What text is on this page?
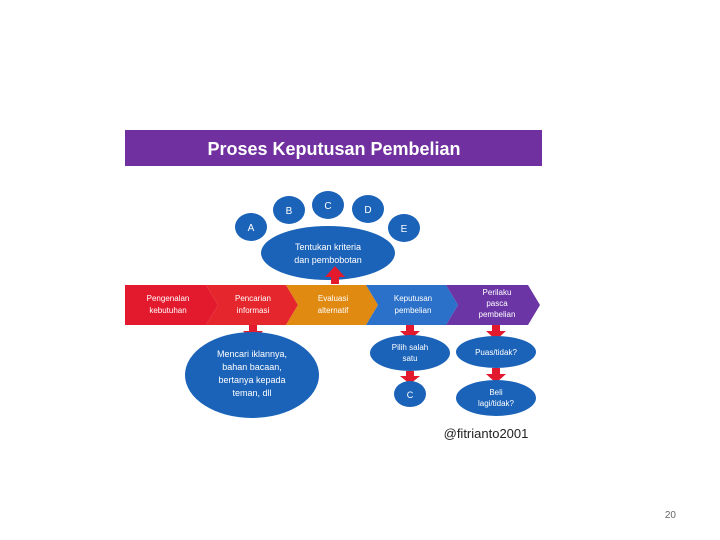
Proses Keputusan Pembelian
A
B	C	D
E
Tentukan kriteria
dan pembobotan
Pengenalan
kebutuhan
Pencarian
informasi
Evaluasi
alternatif
Keputusan
pembelian
Perilaku
pasca
pembelian
Mencari iklannya,
bahan bacaan,
bertanya kepada
teman, dll
Pilih salah
satu
C
Puas/tidak?
Beli
lagi/tidak?
@fitrianto2001
20
